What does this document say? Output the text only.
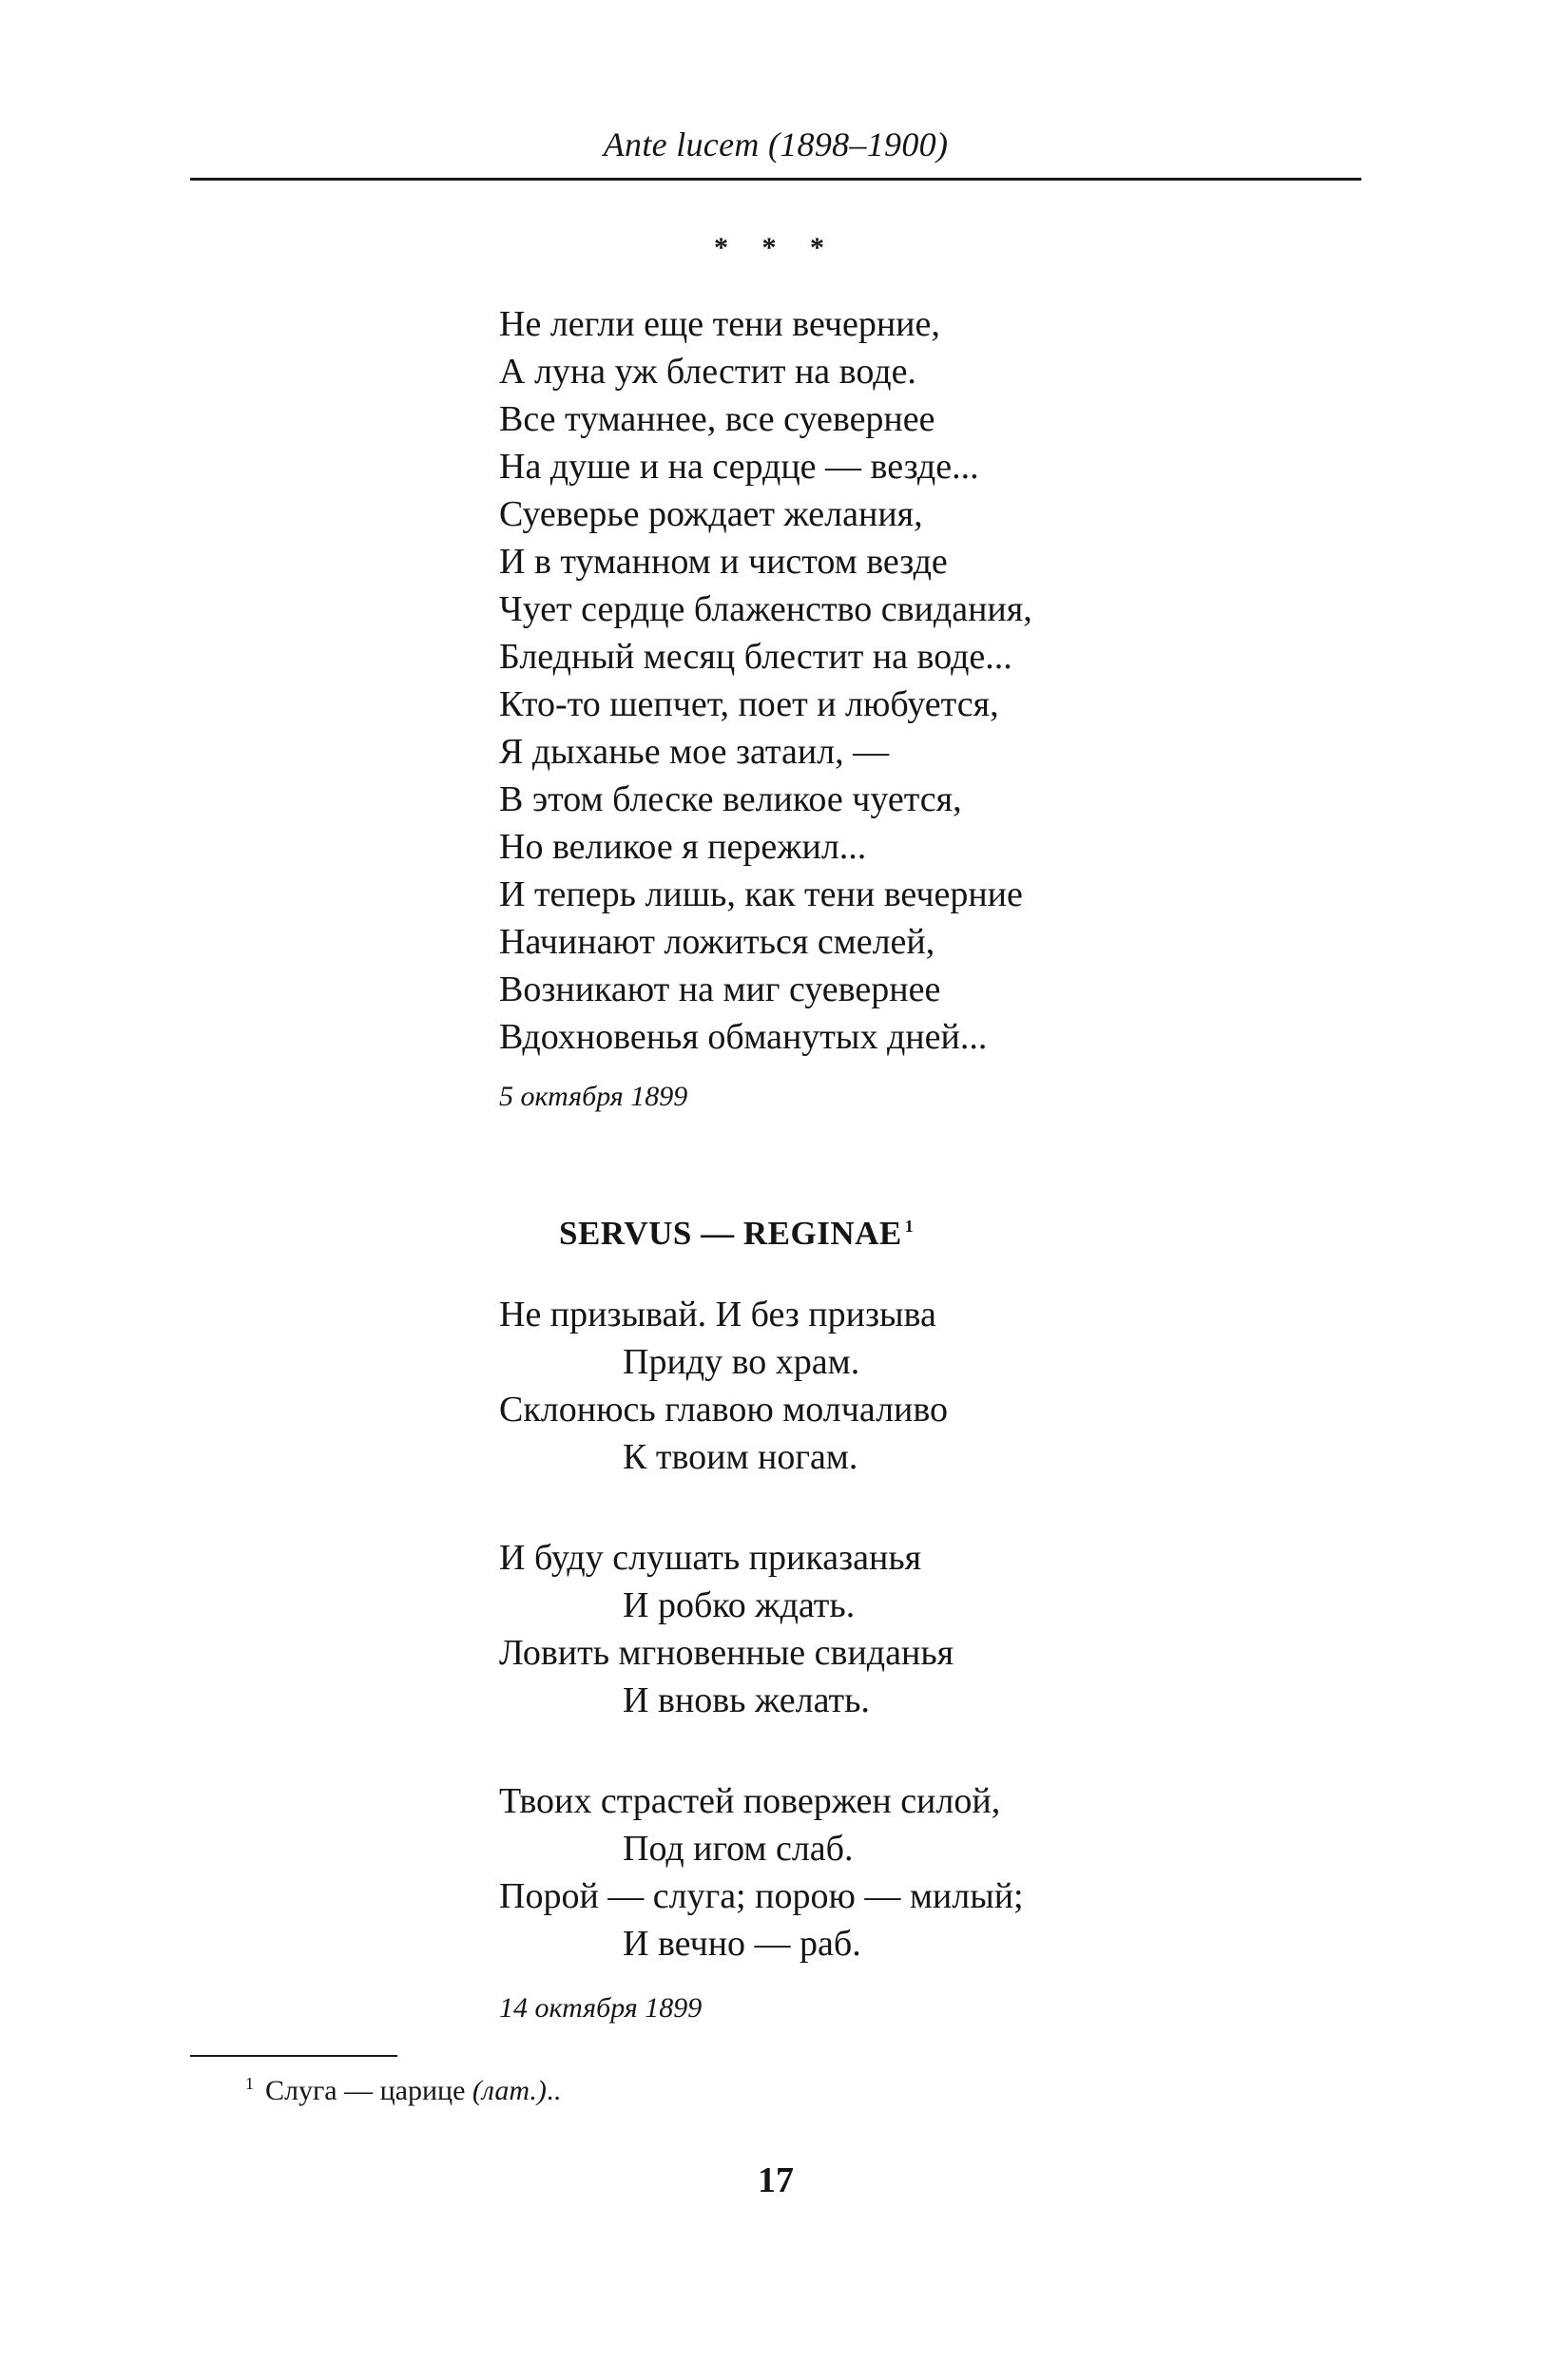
Ante lucem (1898–1900)
* * *
Не легли еще тени вечерние,
А луна уж блестит на воде.
Все туманнее, все суевернее
На душе и на сердце — везде...
Суеверье рождает желания,
И в туманном и чистом везде
Чует сердце блаженство свидания,
Бледный месяц блестит на воде...
Кто-то шепчет, поет и любуется,
Я дыханье мое затаил, —
В этом блеске великое чуется,
Но великое я пережил...
И теперь лишь, как тени вечерние
Начинают ложиться смелей,
Возникают на миг суевернее
Вдохновенья обманутых дней...
5 октября 1899
SERVUS — REGINAE $^1$
Не призывай. И без призыва
Приду во храм.
Склонюсь главою молчаливо
К твоим ногам.
И буду слушать приказанья
И робко ждать.
Ловить мгновенные свиданья
И вновь желать.
Твоих страстей повержен силой,
Под игом слаб.
Порой — слуга; порою — милый;
И вечно — раб.
14 октября 1899
$^1$ Слуга — царице (лат.)..
17
